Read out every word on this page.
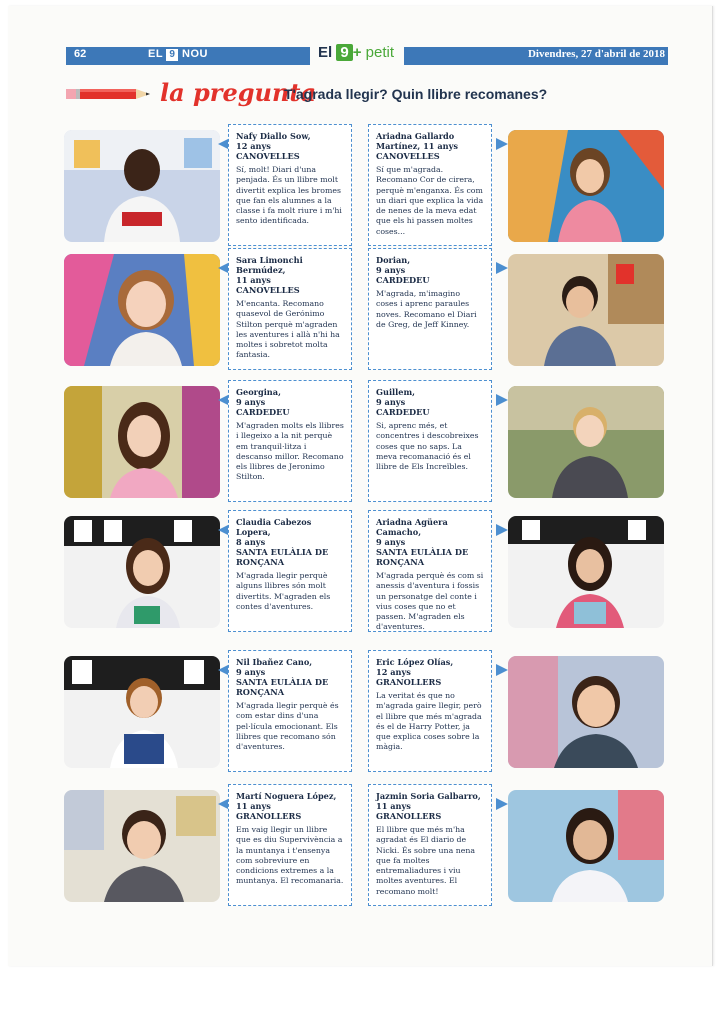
62	EL 9 NOU	El 9 + petit	Divendres, 27 d'abril de 2018
la pregunta
T'agrada llegir? Quin llibre recomanes?
Nafy Diallo Sow,
12 anys
CANOVELLES
Sí, molt! Diari d'una penjada. És un llibre molt divertit explica les bromes que fan els alumnes a la classe i fa molt riure i m'hi sento identificada.
Ariadna Gallardo Martínez, 11 anys
CANOVELLES
Sí que m'agrada. Recomano Cor de cirera, perquè m'enganxa. És com un diari que explica la vida de nenes de la meva edat que els hi passen moltes coses...
Sara Limonchi Bermúdez,
11 anys
CANOVELLES
M'encanta. Recomano quasevol de Gerónimo Stilton perquè m'agraden les aventures i allà n'hi ha moltes i sobretot molta fantasia.
Dorian,
9 anys
CARDEDEU
M'agrada, m'imagino coses i aprenc paraules noves. Recomano el Diari de Greg, de Jeff Kinney.
Georgina,
9 anys
CARDEDEU
M'agraden molts els llibres i llegeixo a la nit perquè em tranquil·litza i descanso millor. Recomano els llibres de Jeronimo Stilton.
Guillem,
9 anys
CARDEDEU
Si, aprenc més, et concentres i descobreixes coses que no saps. La meva recomanació és el llibre de Els Increïbles.
Claudia Cabezos Lopera,
8 anys
SANTA EULÀLIA DE RONÇANA
M'agrada llegir perquè alguns llibres són molt divertits. M'agraden els contes d'aventures.
Ariadna Agüera Camacho,
9 anys
SANTA EULÀLIA DE RONÇANA
M'agrada perquè és com si anessis d'aventura i fossis un personatge del conte i vius coses que no et passen. M'agraden els d'aventures.
Nil Ibañez Cano,
9 anys
SANTA EULÀLIA DE RONÇANA
M'agrada llegir perquè és com estar dins d'una pel·lícula emocionant. Els llibres que recomano són d'aventures.
Eric López Olías,
12 anys
GRANOLLERS
La veritat és que no m'agrada gaire llegir, però el llibre que més m'agrada és el de Harry Potter, ja que explica coses sobre la màgia.
Martí Noguera López,
11 anys
GRANOLLERS
Em vaig llegir un llibre que es diu Supervivència a la muntanya i t'ensenya com sobreviure en condicions extremes a la muntanya. El recomanaria.
Jazmin Soria Galbarro,
11 anys
GRANOLLERS
El llibre que més m'ha agradat és El diario de Nicki. És sobre una nena que fa moltes entremaliadures i viu moltes aventures. El recomano molt!
